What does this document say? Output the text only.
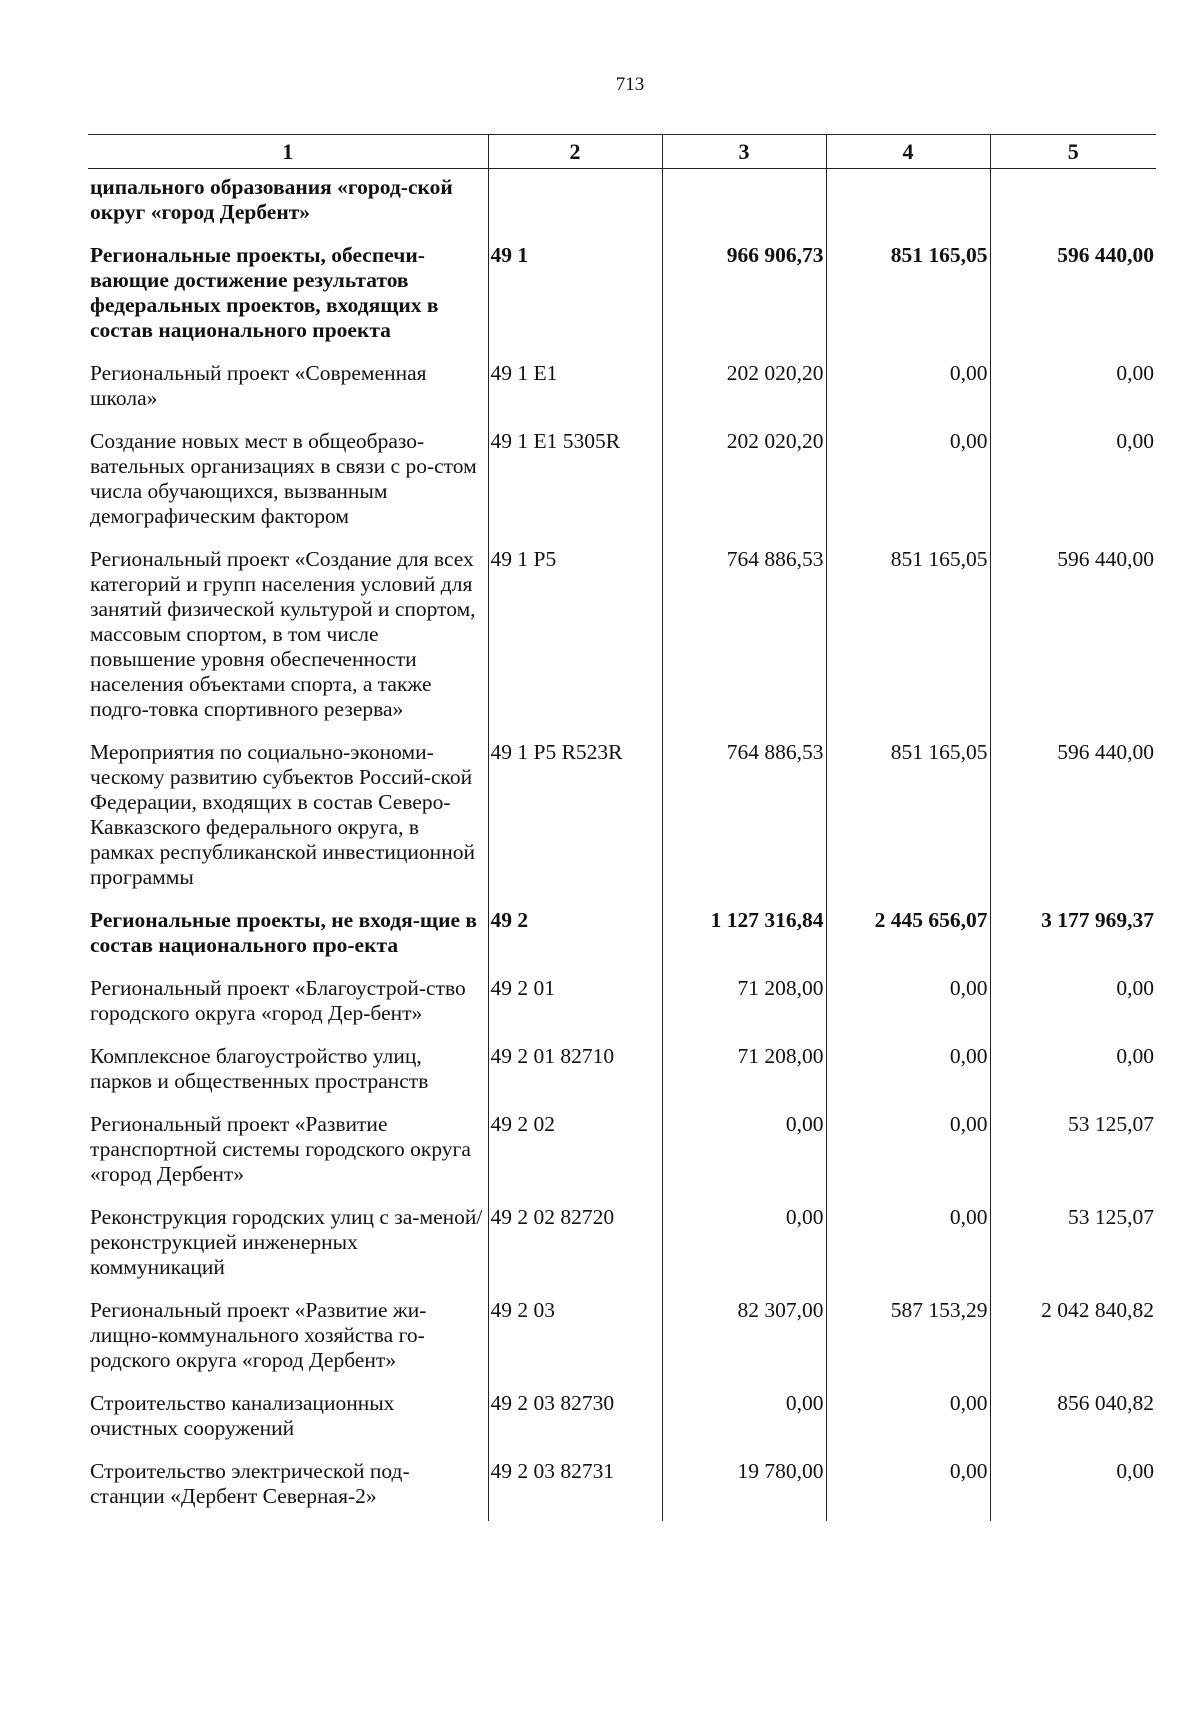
713
1	2	3	4	5
ципального образования «город-ской округ «город Дербент»				
Региональные проекты, обеспечи-вающие достижение результатов федеральных проектов, входящих в состав национального проекта	49 1	966 906,73	851 165,05	596 440,00
Региональный проект «Современная школа»	49 1 E1	202 020,20	0,00	0,00
Создание новых мест в общеобразо-вательных организациях в связи с ро-стом числа обучающихся, вызванным демографическим фактором	49 1 E1 5305R	202 020,20	0,00	0,00
Региональный проект «Создание для всех категорий и групп населения условий для занятий физической культурой и спортом, массовым спортом, в том числе повышение уровня обеспеченности населения объектами спорта, а также подго-товка спортивного резерва»	49 1 P5	764 886,53	851 165,05	596 440,00
Мероприятия по социально-экономи-ческому развитию субъектов Россий-ской Федерации, входящих в состав Северо-Кавказского федерального округа, в рамках республиканской инвестиционной программы	49 1 P5 R523R	764 886,53	851 165,05	596 440,00
Региональные проекты, не входя-щие в состав национального про-екта	49 2	1 127 316,84	2 445 656,07	3 177 969,37
Региональный проект «Благоустрой-ство городского округа «город Дер-бент»	49 2 01	71 208,00	0,00	0,00
Комплексное благоустройство улиц, парков и общественных пространств	49 2 01 82710	71 208,00	0,00	0,00
Региональный проект «Развитие транспортной системы городского округа «город Дербент»	49 2 02	0,00	0,00	53 125,07
Реконструкция городских улиц с за-меной/реконструкцией инженерных коммуникаций	49 2 02 82720	0,00	0,00	53 125,07
Региональный проект «Развитие жи-лищно-коммунального хозяйства го-родского округа «город Дербент»	49 2 03	82 307,00	587 153,29	2 042 840,82
Строительство канализационных очистных сооружений	49 2 03 82730	0,00	0,00	856 040,82
Строительство электрической под-станции «Дербент Северная-2»	49 2 03 82731	19 780,00	0,00	0,00
